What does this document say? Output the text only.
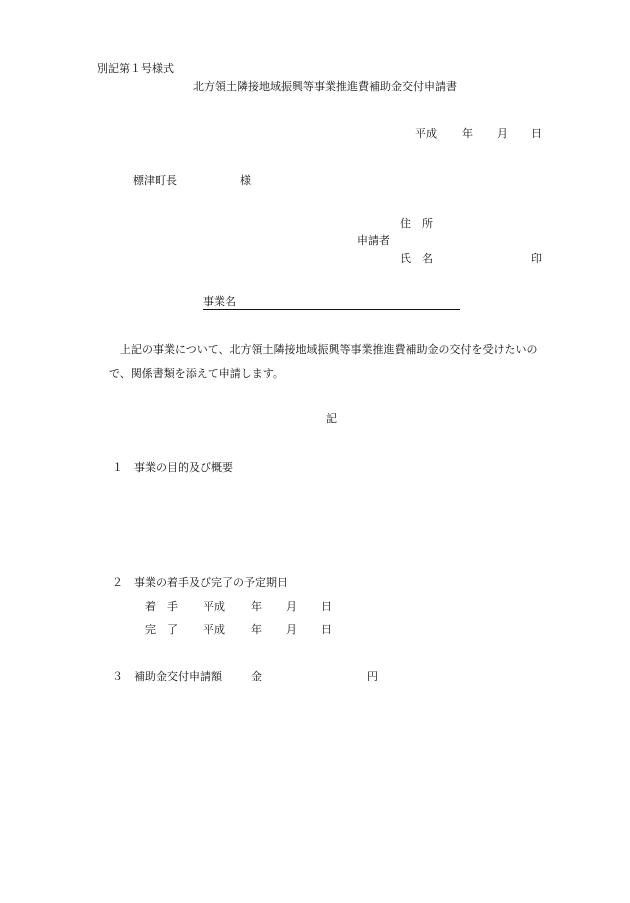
別記第１号様式
北方領土隣接地域振興等事業推進費補助金交付申請書
平成 年 月 日
標津町長	様
住　所
申請者
氏　名	印
事業名
上記の事業について、北方領土隣接地域振興等事業推進費補助金の交付を受けたいの
で、関係書類を添えて申請します。
記
１ 事業の目的及び概要
２ 事業の着手及び完了の予定期日
着　手 平成 年 月 日
完　了 平成 年 月 日
３ 補助金交付申請額	金	円
